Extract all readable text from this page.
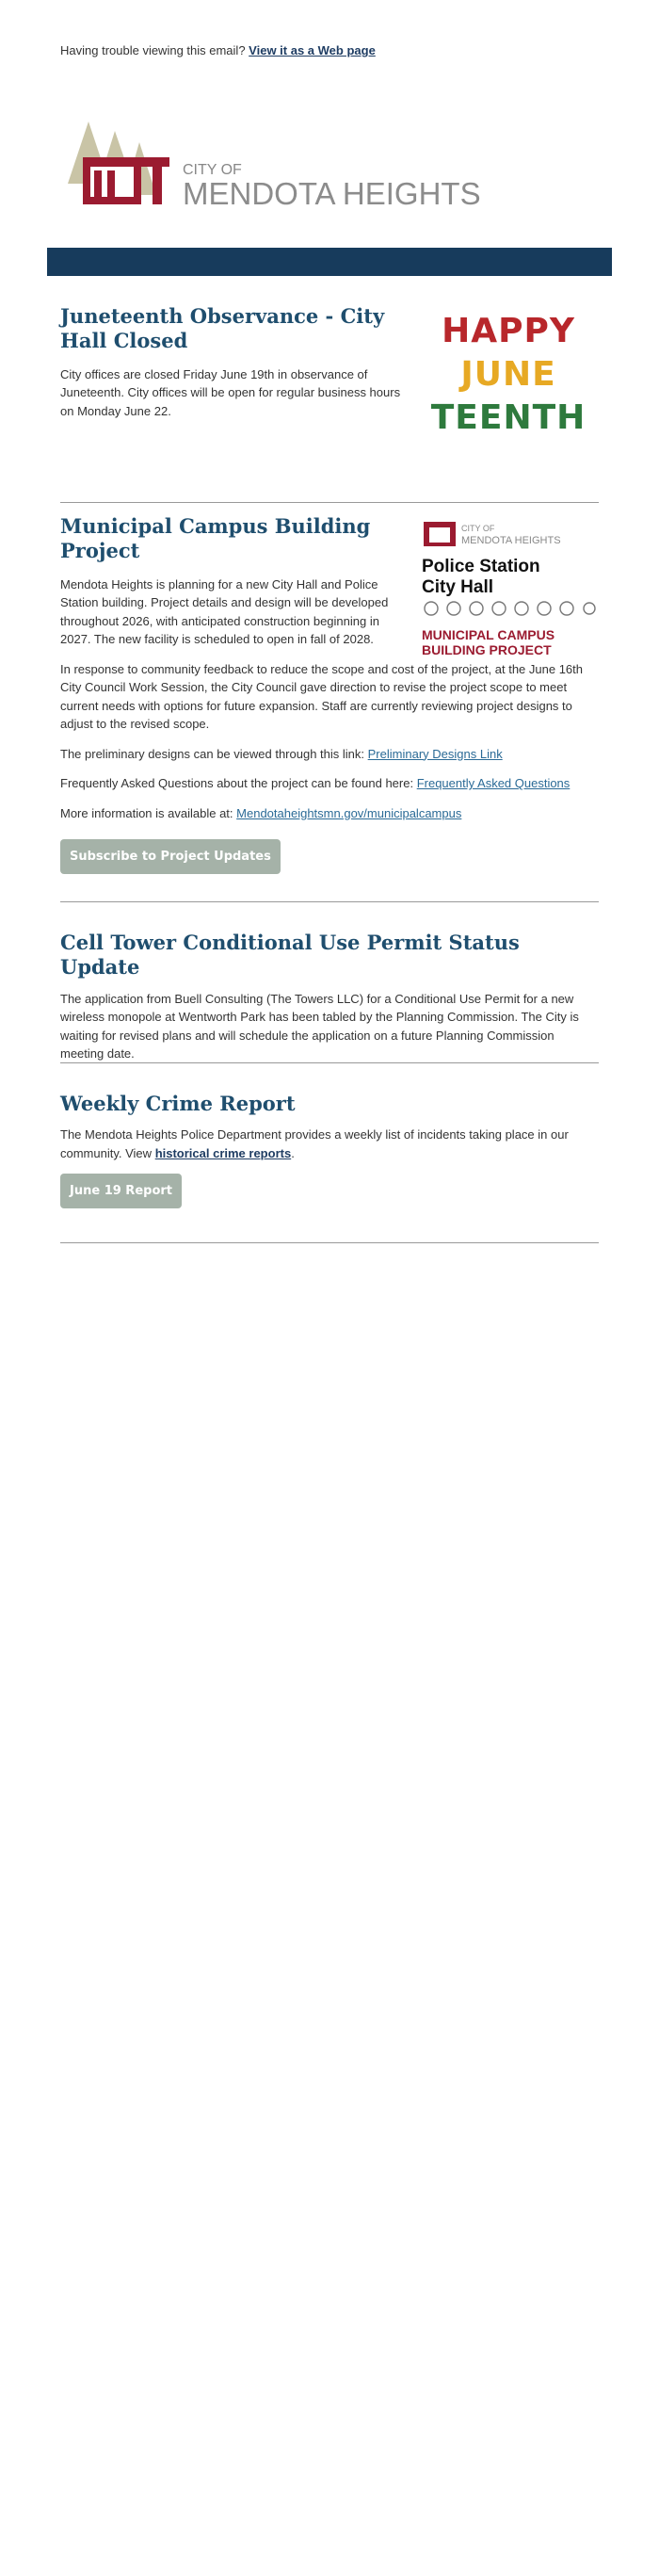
Having trouble viewing this email? View it as a Web page
CITY OF
MENDOTA HEIGHTS
Juneteenth Observance - City Hall Closed

City offices are closed Friday June 19th in observance of Juneteenth. City offices will be open for regular business hours on Monday June 22.

HAPPY
JUNE
TEENTH
CITY OF
MENDOTA HEIGHTS
Police Station
City Hall
MUNICIPAL CAMPUS
BUILDING PROJECT
Municipal Campus Building Project

Mendota Heights is planning for a new City Hall and Police Station building. Project details and design will be developed throughout 2026, with anticipated construction beginning in 2027. The new facility is scheduled to open in fall of 2028.

In response to community feedback to reduce the scope and cost of the project, at the June 16th City Council Work Session, the City Council gave direction to revise the project scope to meet current needs with options for future expansion. Staff are currently reviewing project designs to adjust to the revised scope.

The preliminary designs can be viewed through this link: Preliminary Designs Link

Frequently Asked Questions about the project can be found here: Frequently Asked Questions

More information is available at: Mendotaheightsmn.gov/municipalcampus

Subscribe to Project Updates
Cell Tower Conditional Use Permit Status Update

The application from Buell Consulting (The Towers LLC) for a Conditional Use Permit for a new wireless monopole at Wentworth Park has been tabled by the Planning Commission. The City is waiting for revised plans and will schedule the application on a future Planning Commission meeting date.

Weekly Crime Report

The Mendota Heights Police Department provides a weekly list of incidents taking place in our community. View historical crime reports.

June 19 Report
